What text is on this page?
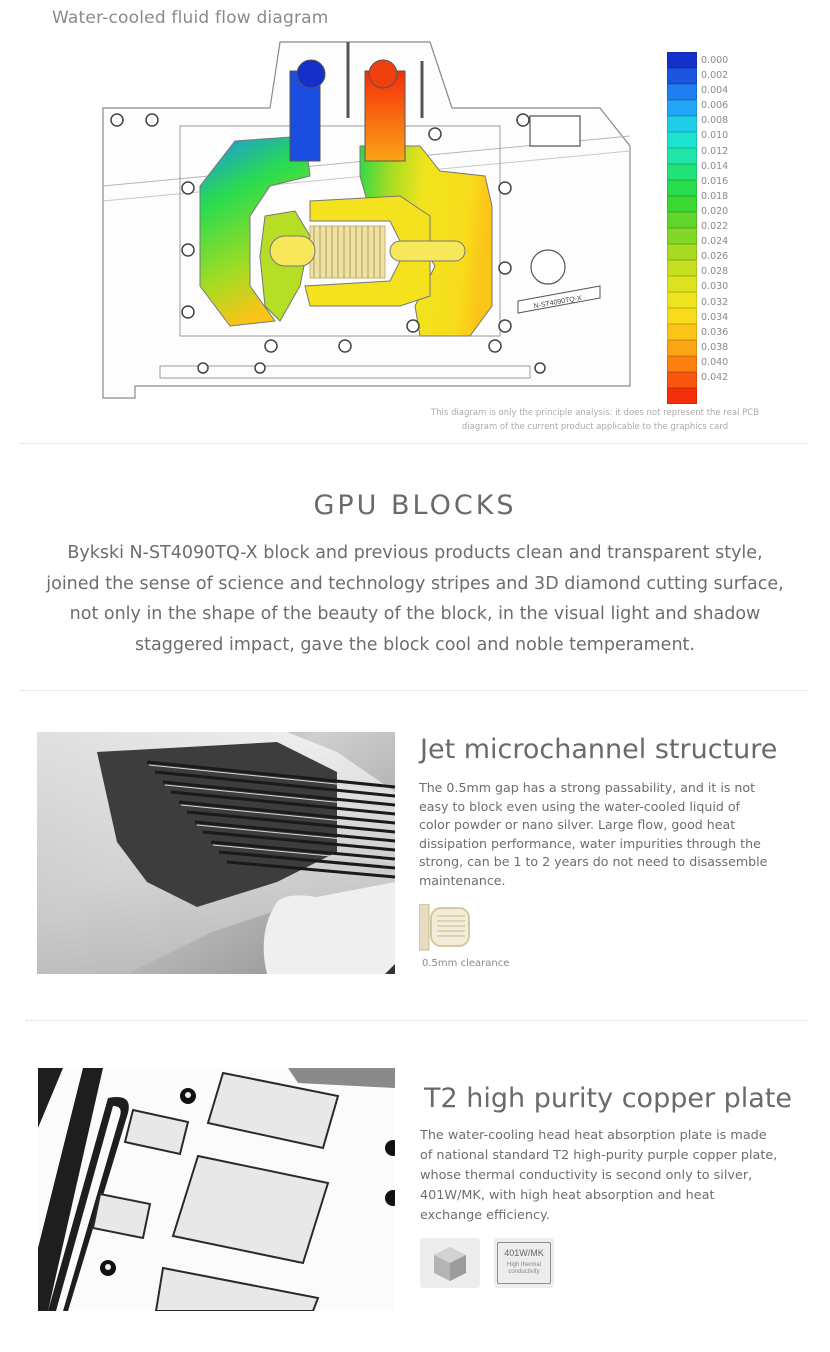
Water-cooled fluid flow diagram
N-ST4090TQ-X
0.000
0.002
0.004
0.006
0.008
0.010
0.012
0.014
0.016
0.018
0.020
0.022
0.024
0.026
0.028
0.030
0.032
0.034
0.036
0.038
0.040
0.042
This diagram is only the principle analysis: it does not represent the real PCB
diagram of the current product applicable to the graphics card
GPU BLOCKS
Bykski N-ST4090TQ-X block and previous products clean and transparent style, joined the sense of science and technology stripes and 3D diamond cutting surface, not only in the shape of the beauty of the block, in the visual light and shadow staggered impact, gave the block cool and noble temperament.
Jet microchannel structure
The 0.5mm gap has a strong passability, and it is not easy to block even using the water-cooled liquid of color powder or nano silver. Large flow, good heat dissipation performance, water impurities through the strong, can be 1 to 2 years do not need to disassemble maintenance.
0.5mm clearance
T2 high purity copper plate
The water-cooling head heat absorption plate is made of national standard T2 high-purity purple copper plate, whose thermal conductivity is second only to silver, 401W/MK, with high heat absorption and heat exchange efficiency.
401W/MK
High thermal
conductivity
